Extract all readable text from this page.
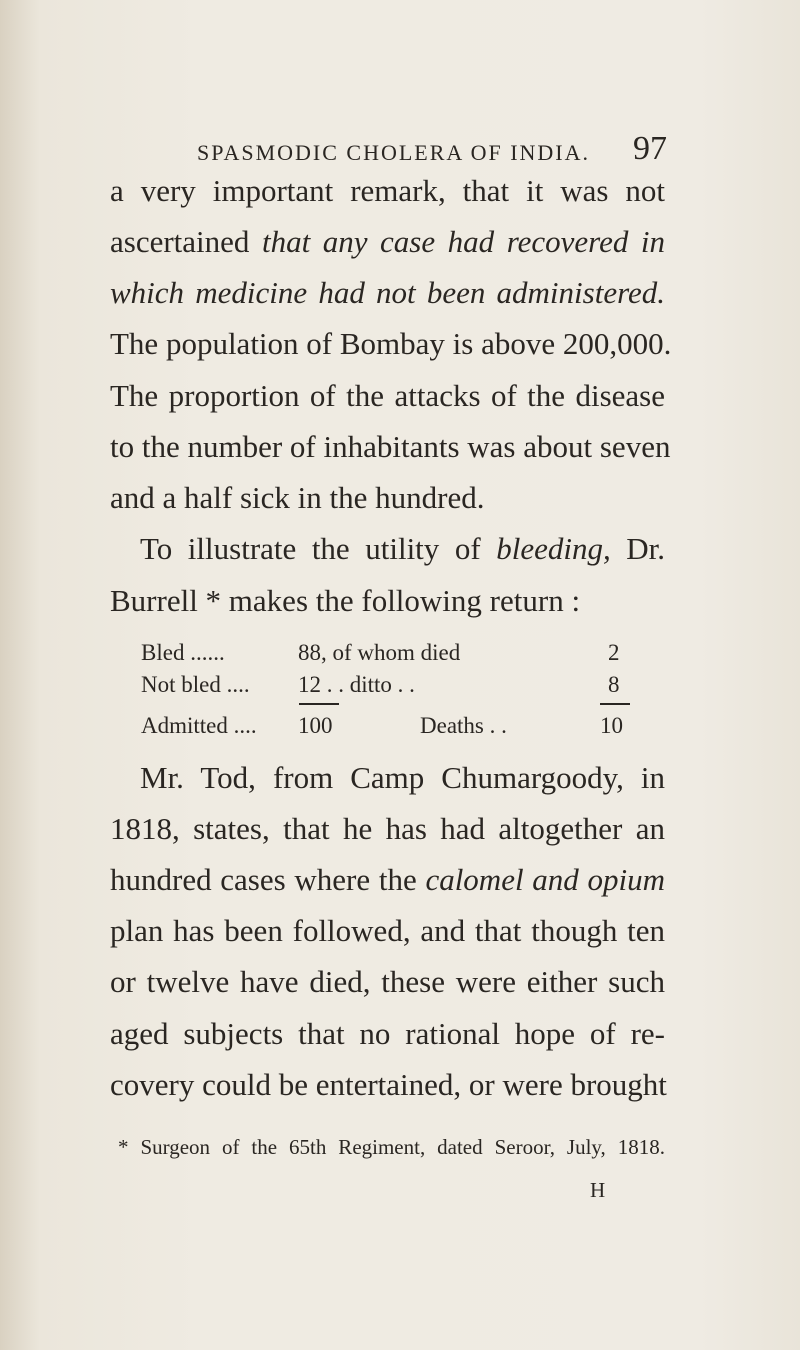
SPASMODIC CHOLERA OF INDIA. 97
a very important remark, that it was not
ascertained that any case had recovered in
which medicine had not been administered.
The population of Bombay is above 200,000.
The proportion of the attacks of the disease
to the number of inhabitants was about seven
and a half sick in the hundred.
To illustrate the utility of bleeding, Dr.
Burrell * makes the following return :
Bled ......	88, of whom died	2
Not bled .... 12 . . ditto . .	8
Admitted .... 100	Deaths . .	10
Mr. Tod, from Camp Chumargoody, in
1818, states, that he has had altogether an
hundred cases where the calomel and opium
plan has been followed, and that though ten
or twelve have died, these were either such
aged subjects that no rational hope of re-
covery could be entertained, or were brought
* Surgeon of the 65th Regiment, dated Seroor, July, 1818.
H
